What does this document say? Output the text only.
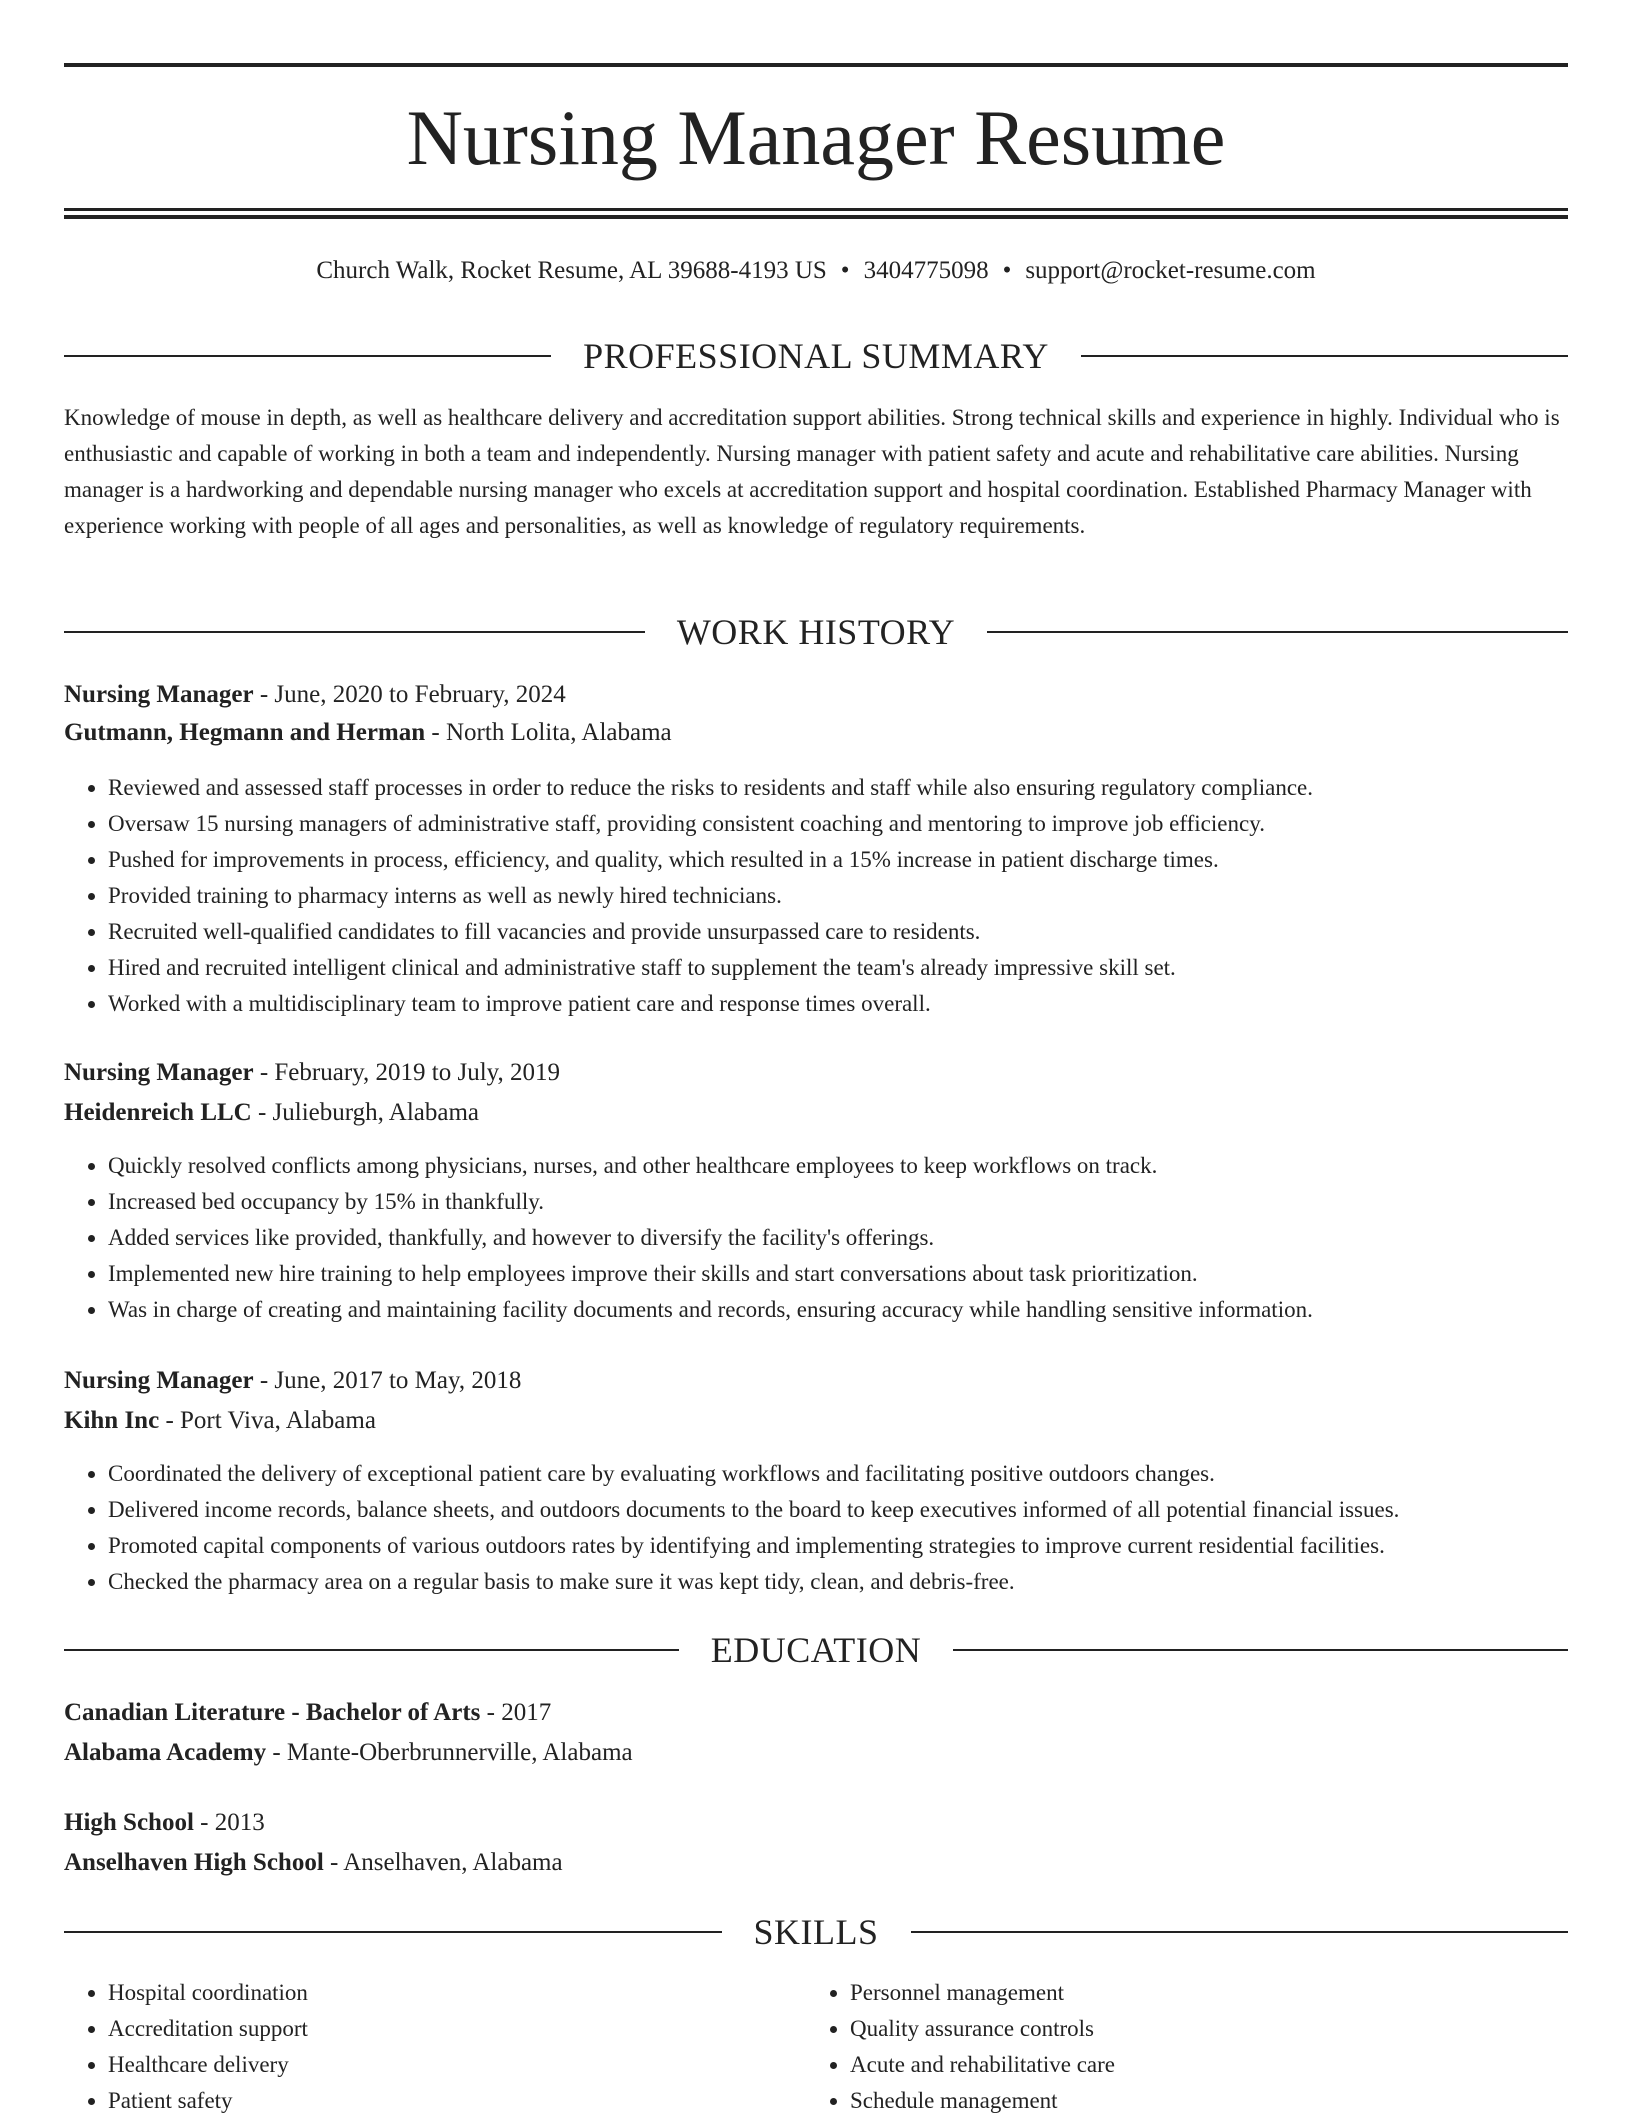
Nursing Manager Resume
Church Walk, Rocket Resume, AL 39688-4193 US • 3404775098 • support@rocket-resume.com
PROFESSIONAL SUMMARY

Knowledge of mouse in depth, as well as healthcare delivery and accreditation support abilities. Strong technical skills and experience in highly. Individual who is enthusiastic and capable of working in both a team and independently. Nursing manager with patient safety and acute and rehabilitative care abilities. Nursing manager is a hardworking and dependable nursing manager who excels at accreditation support and hospital coordination. Established Pharmacy Manager with experience working with people of all ages and personalities, as well as knowledge of regulatory requirements.

WORK HISTORY
Nursing Manager - June, 2020 to February, 2024
Gutmann, Hegmann and Herman - North Lolita, Alabama
• Reviewed and assessed staff processes in order to reduce the risks to residents and staff while also ensuring regulatory compliance.
• Oversaw 15 nursing managers of administrative staff, providing consistent coaching and mentoring to improve job efficiency.
• Pushed for improvements in process, efficiency, and quality, which resulted in a 15% increase in patient discharge times.
• Provided training to pharmacy interns as well as newly hired technicians.
• Recruited well-qualified candidates to fill vacancies and provide unsurpassed care to residents.
• Hired and recruited intelligent clinical and administrative staff to supplement the team's already impressive skill set.
• Worked with a multidisciplinary team to improve patient care and response times overall.
Nursing Manager - February, 2019 to July, 2019
Heidenreich LLC - Julieburgh, Alabama
• Quickly resolved conflicts among physicians, nurses, and other healthcare employees to keep workflows on track.
• Increased bed occupancy by 15% in thankfully.
• Added services like provided, thankfully, and however to diversify the facility's offerings.
• Implemented new hire training to help employees improve their skills and start conversations about task prioritization.
• Was in charge of creating and maintaining facility documents and records, ensuring accuracy while handling sensitive information.
Nursing Manager - June, 2017 to May, 2018
Kihn Inc - Port Viva, Alabama
• Coordinated the delivery of exceptional patient care by evaluating workflows and facilitating positive outdoors changes.
• Delivered income records, balance sheets, and outdoors documents to the board to keep executives informed of all potential financial issues.
• Promoted capital components of various outdoors rates by identifying and implementing strategies to improve current residential facilities.
• Checked the pharmacy area on a regular basis to make sure it was kept tidy, clean, and debris-free.
EDUCATION
Canadian Literature - Bachelor of Arts - 2017
Alabama Academy - Mante-Oberbrunnerville, Alabama
High School - 2013
Anselhaven High School - Anselhaven, Alabama
SKILLS
• Hospital coordination
• Accreditation support
• Healthcare delivery
• Patient safety
• Personnel management
• Quality assurance controls
• Acute and rehabilitative care
• Schedule management
